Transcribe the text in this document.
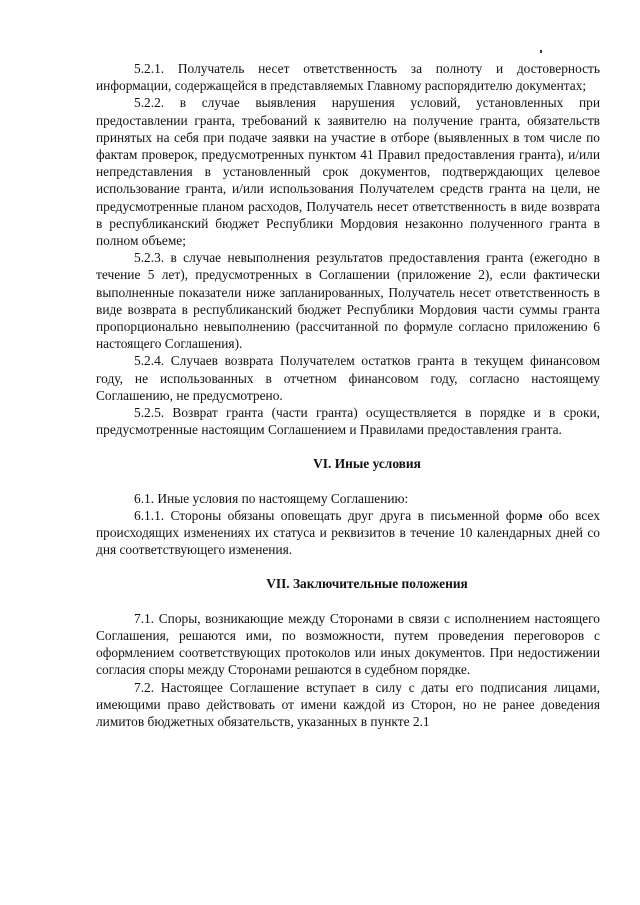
5.2.1. Получатель несет ответственность за полноту и достоверность информации, содержащейся в представляемых Главному распорядителю документах;

5.2.2. в случае выявления нарушения условий, установленных при предоставлении гранта, требований к заявителю на получение гранта, обязательств принятых на себя при подаче заявки на участие в отборе (выявленных в том числе по фактам проверок, предусмотренных пунктом 41 Правил предоставления гранта), и/или непредставления в установленный срок документов, подтверждающих целевое использование гранта, и/или использования Получателем средств гранта на цели, не предусмотренные планом расходов, Получатель несет ответственность в виде возврата в республиканский бюджет Республики Мордовия незаконно полученного гранта в полном объеме;

5.2.3. в случае невыполнения результатов предоставления гранта (ежегодно в течение 5 лет), предусмотренных в Соглашении (приложение 2), если фактически выполненные показатели ниже запланированных, Получатель несет ответственность в виде возврата в республиканский бюджет Республики Мордовия части суммы гранта пропорционально невыполнению (рассчитанной по формуле согласно приложению 6 настоящего Соглашения).

5.2.4. Случаев возврата Получателем остатков гранта в текущем финансовом году, не использованных в отчетном финансовом году, согласно настоящему Соглашению, не предусмотрено.

5.2.5. Возврат гранта (части гранта) осуществляется в порядке и в сроки, предусмотренные настоящим Соглашением и Правилами предоставления гранта.

VI. Иные условия

6.1. Иные условия по настоящему Соглашению:

6.1.1. Стороны обязаны оповещать друг друга в письменной форме обо всех происходящих изменениях их статуса и реквизитов в течение 10 календарных дней со дня соответствующего изменения.

VII. Заключительные положения

7.1. Споры, возникающие между Сторонами в связи с исполнением настоящего Соглашения, решаются ими, по возможности, путем проведения переговоров с оформлением соответствующих протоколов или иных документов. При недостижении согласия споры между Сторонами решаются в судебном порядке.

7.2. Настоящее Соглашение вступает в силу с даты его подписания лицами, имеющими право действовать от имени каждой из Сторон, но не ранее доведения лимитов бюджетных обязательств, указанных в пункте 2.1
